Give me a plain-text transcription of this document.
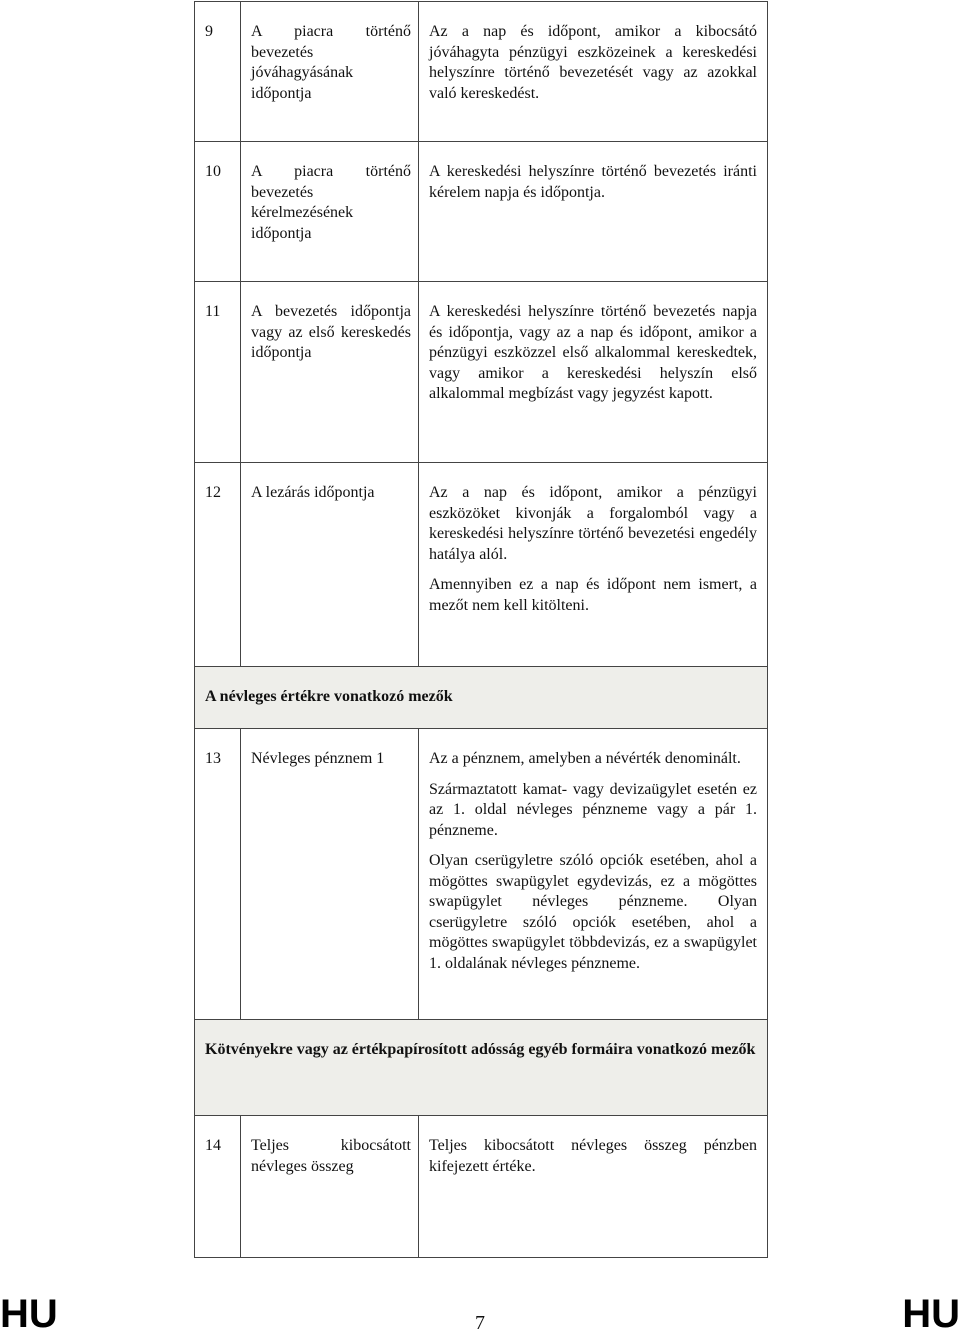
9	A piacra történő bevezetés jóváhagyásának időpontja	Az a nap és időpont, amikor a kibocsátó jóváhagyta pénzügyi eszközeinek a kereskedési helyszínre történő bevezetését vagy az azokkal való kereskedést.

10	A piacra történő bevezetés kérelmezésének időpontja	A kereskedési helyszínre történő bevezetés iránti kérelem napja és időpontja.

11	A bevezetés időpontja vagy az első kereskedés időpontja	A kereskedési helyszínre történő bevezetés napja és időpontja, vagy az a nap és időpont, amikor a pénzügyi eszközzel első alkalommal kereskedtek, vagy amikor a kereskedési helyszín első alkalommal megbízást vagy jegyzést kapott.

12	A lezárás időpontja	Az a nap és időpont, amikor a pénzügyi eszközöket kivonják a forgalomból vagy a kereskedési helyszínre történő bevezetési engedély hatálya alól.

Amennyiben ez a nap és időpont nem ismert, a mezőt nem kell kitölteni.

A névleges értékre vonatkozó mezők		
13	Névleges pénznem 1	Az a pénznem, amelyben a névérték denominált.

Származtatott kamat- vagy devizaügylet esetén ez az 1. oldal névleges pénzneme vagy a pár 1. pénzneme.

Olyan cserügyletre szóló opciók esetében, ahol a mögöttes swapügylet egydevizás, ez a mögöttes swapügylet névleges pénzneme. Olyan cserügyletre szóló opciók esetében, ahol a mögöttes swapügylet többdevizás, ez a swapügylet 1. oldalának névleges pénzneme.

Kötvényekre vagy az értékpapírosított adósság egyéb formáira vonatkozó mezők		
14	Teljes kibocsátott névleges összeg	Teljes kibocsátott névleges összeg pénzben kifejezett értéke.

HU	7	HU
